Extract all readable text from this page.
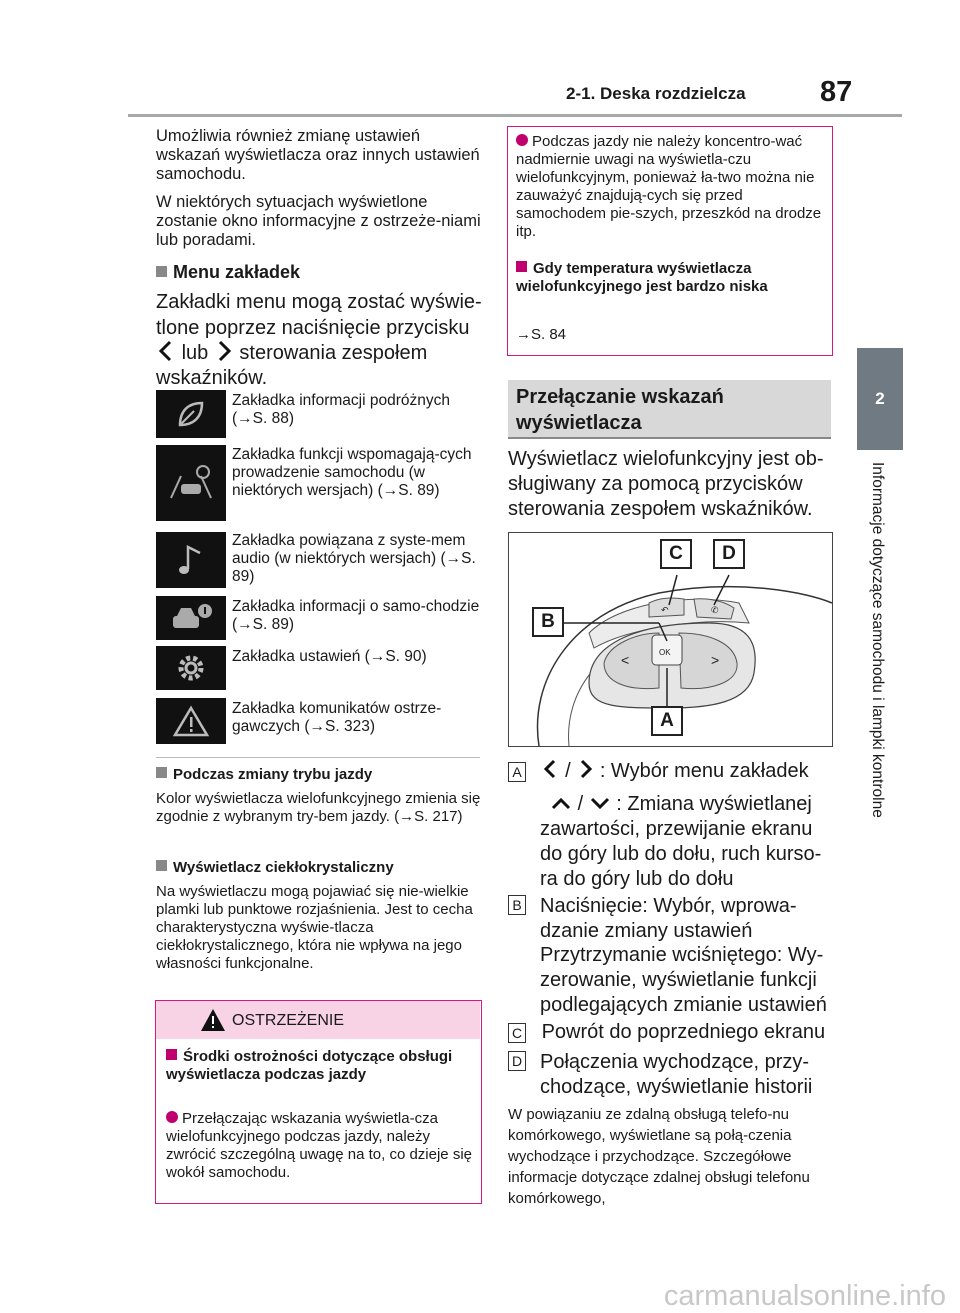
2-1. Deska rozdzielcza	87
2
Informacje dotyczące samochodu i lampki kontrolne
Umożliwia również zmianę ustawień wskazań wyświetlacza oraz innych ustawień samochodu.
W niektórych sytuacjach wyświetlone zostanie okno informacyjne z ostrzeże-niami lub poradami.
Menu zakładek
Zakładki menu mogą zostać wyświe-
tlone poprzez naciśnięcie przycisku
lub sterowania zespołem
wskaźników.
Zakładka informacji podróżnych (→S. 88)
Zakładka funkcji wspomagają-cych prowadzenie samochodu (w niektórych wersjach) (→S. 89)
Zakładka powiązana z syste-mem audio (w niektórych wersjach) (→S. 89)
Zakładka informacji o samo-chodzie (→S. 89)
Zakładka ustawień (→S. 90)
Zakładka komunikatów ostrze-gawczych (→S. 323)
Podczas zmiany trybu jazdy
Kolor wyświetlacza wielofunkcyjnego zmienia się zgodnie z wybranym try-bem jazdy. (→S. 217)
Wyświetlacz ciekłokrystaliczny
Na wyświetlaczu mogą pojawiać się nie-wielkie plamki lub punktowe rozjaśnienia. Jest to cecha charakterystyczna wyświe-tlacza ciekłokrystalicznego, która nie wpływa na jego własności funkcjonalne.
OSTRZEŻENIE
Środki ostrożności dotyczące obsługi wyświetlacza podczas jazdy
Przełączając wskazania wyświetla-cza wielofunkcyjnego podczas jazdy, należy zwrócić szczególną uwagę na to, co dzieje się wokół samochodu.
Podczas jazdy nie należy koncentro-wać nadmiernie uwagi na wyświetla-czu wielofunkcyjnym, ponieważ ła-two można nie zauważyć znajdują-cych się przed samochodem pie-szych, przeszkód na drodze itp.
Gdy temperatura wyświetlacza wielofunkcyjnego jest bardzo niska
→S. 84
Przełączanie wskazań wyświetlacza
Wyświetlacz wielofunkcyjny jest ob-sługiwany za pomocą przycisków sterowania zespołem wskaźników.
<	>
OK
↶	✆
C	D
B
A
A / : Wybór menu zakładek
/ : Zmiana wyświetlanej zawartości, przewijanie ekranu do góry lub do dołu, ruch kurso-ra do góry lub do dołu
B Naciśnięcie: Wybór, wprowa-dzanie zmiany ustawień
Przytrzymanie wciśniętego: Wy-zerowanie, wyświetlanie funkcji podlegających zmianie ustawień
C Powrót do poprzedniego ekranu
D Połączenia wychodzące, przy-chodzące, wyświetlanie historii
W powiązaniu ze zdalną obsługą telefo-nu komórkowego, wyświetlane są połą-czenia wychodzące i przychodzące. Szczegółowe informacje dotyczące zdalnej obsługi telefonu komórkowego,
carmanualsonline.info
